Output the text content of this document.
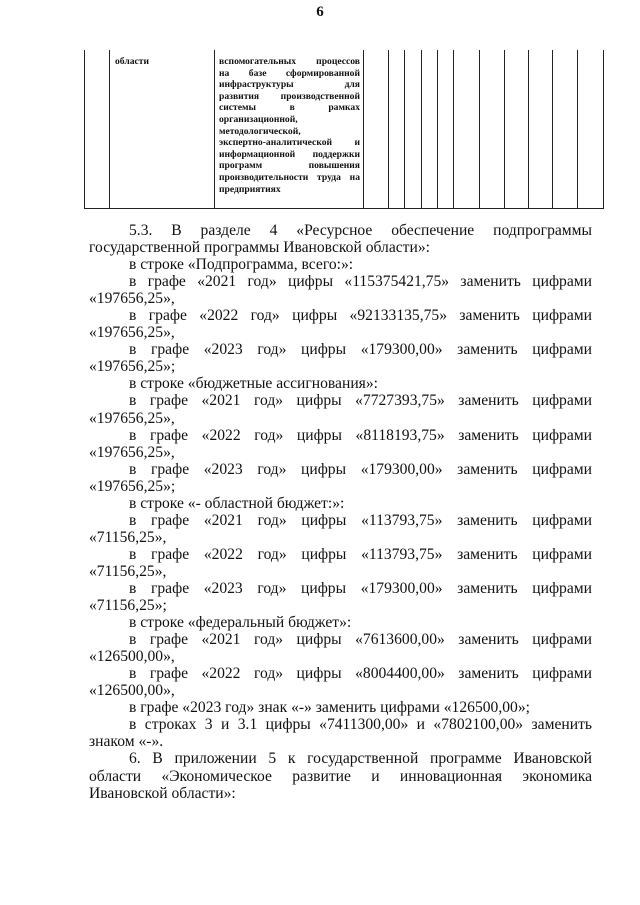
6

области	вспомогательных процессов
на базе сформированной
инфраструктуры для
развития производственной
системы в рамках
организационной,
методологической,
экспертно-аналитической и
информационной поддержки
программ повышения
производительности труда на
предприятиях

5.3. В разделе 4 «Ресурсное обеспечение подпрограммы
государственной программы Ивановской области»:
в строке «Подпрограмма, всего:»:
в графе «2021 год» цифры «115375421,75» заменить цифрами
«197656,25»,
в графе «2022 год» цифры «92133135,75» заменить цифрами
«197656,25»,
в графе «2023 год» цифры «179300,00» заменить цифрами
«197656,25»;
в строке «бюджетные ассигнования»:
в графе «2021 год» цифры «7727393,75» заменить цифрами
«197656,25»,
в графе «2022 год» цифры «8118193,75» заменить цифрами
«197656,25»,
в графе «2023 год» цифры «179300,00» заменить цифрами
«197656,25»;
в строке «- областной бюджет:»:
в графе «2021 год» цифры «113793,75» заменить цифрами
«71156,25»,
в графе «2022 год» цифры «113793,75» заменить цифрами
«71156,25»,
в графе «2023 год» цифры «179300,00» заменить цифрами
«71156,25»;
в строке «федеральный бюджет»:
в графе «2021 год» цифры «7613600,00» заменить цифрами
«126500,00»,
в графе «2022 год» цифры «8004400,00» заменить цифрами
«126500,00»,
в графе «2023 год» знак «-» заменить цифрами «126500,00»;
в строках 3 и 3.1 цифры «7411300,00» и «7802100,00» заменить
знаком «-».
6. В приложении 5 к государственной программе Ивановской
области «Экономическое развитие и инновационная экономика
Ивановской области»:
